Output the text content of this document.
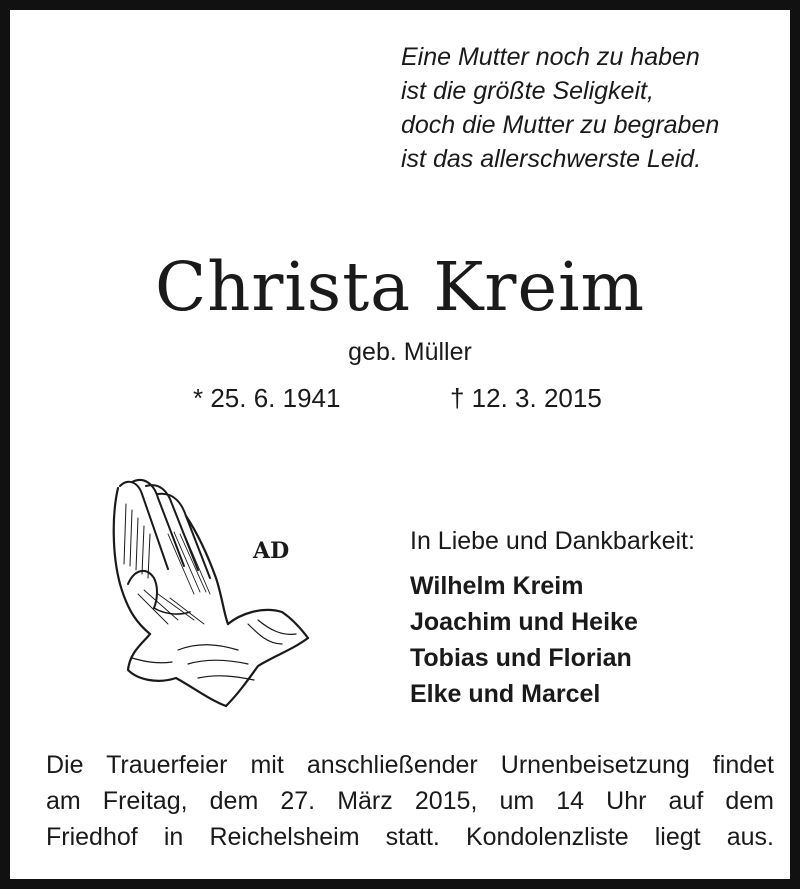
Eine Mutter noch zu haben
ist die größte Seligkeit,
doch die Mutter zu begraben
ist das allerschwerste Leid.
Christa Kreim
geb. Müller
* 25. 6. 1941	† 12. 3. 2015
AD	In Liebe und Dankbarkeit:
Wilhelm Kreim
Joachim und Heike
Tobias und Florian
Elke und Marcel
Die Trauerfeier mit anschließender Urnenbeisetzung findet
am Freitag, dem 27. März 2015, um 14 Uhr auf dem
Friedhof in Reichelsheim statt. Kondolenzliste liegt aus.
